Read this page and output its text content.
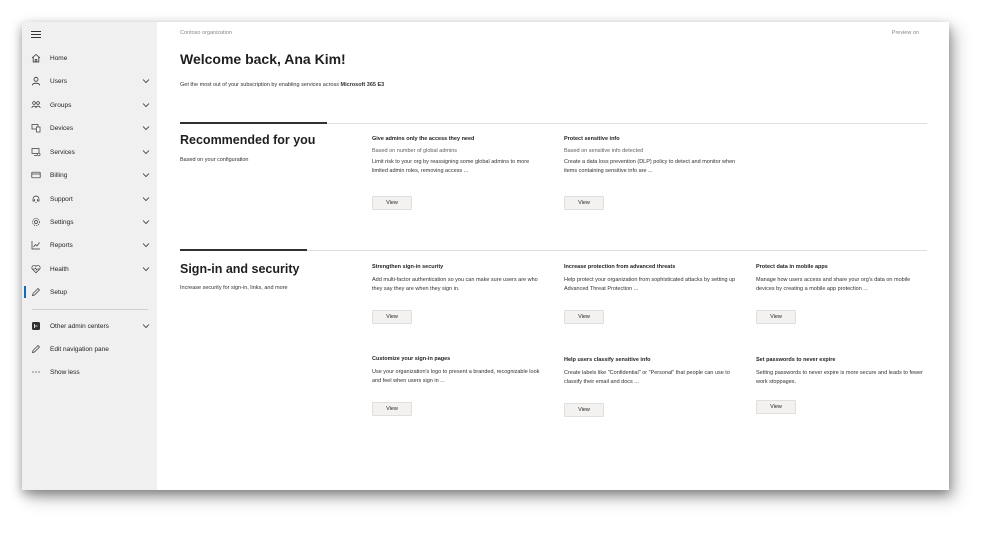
Home
Users
Groups
Devices
Services
Billing
Support
Settings
Reports
Health
Setup
Other admin centers
Edit navigation pane
Show less
Contoso organization	Preview on
Welcome back, Ana Kim!
Get the most out of your subscription by enabling services across Microsoft 365 E3
Recommended for you
Based on your configuration
Give admins only the access they need
Based on number of global admins
Limit risk to your org by reassigning some global admins to more limited admin roles, removing access ...
View
Protect sensitive info
Based on sensitive info detected
Create a data loss prevention (DLP) policy to detect and monitor when items containing sensitive info are ...
View
Sign-in and security
Increase security for sign-in, links, and more
Strengthen sign-in security
Add multi-factor authentication so you can make sure users are who they say they are when they sign in.
View
Increase protection from advanced threats
Help protect your organization from sophisticated attacks by setting up Advanced Threat Protection ...
View
Protect data in mobile apps
Manage how users access and share your org's data on mobile devices by creating a mobile app protection ...
View
Customize your sign-in pages
Use your organization's logo to present a branded, recognizable look and feel when users sign in ...
View
Help users classify sensitive info
Create labels like "Confidential" or "Personal" that people can use to classify their email and docs ...
View
Set passwords to never expire
Setting passwords to never expire is more secure and leads to fewer work stoppages.
View
